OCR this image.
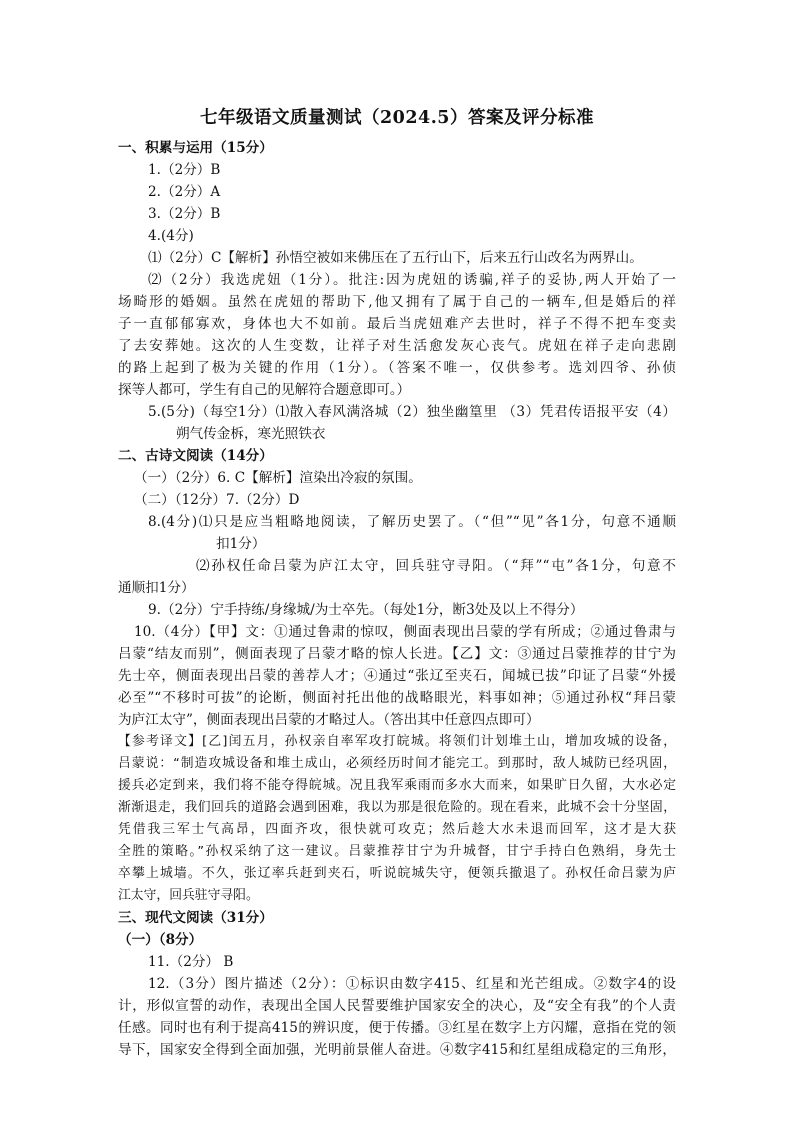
七年级语文质量测试（2024.5）答案及评分标准
一、积累与运用（15分）
1.（2分）B
2.（2分）A
3.（2分）B
4.(4分)
⑴（2分）C【解析】孙悟空被如来佛压在了五行山下，后来五行山改名为两界山。
⑵（2分）我选虎妞（1分）。批注:因为虎妞的诱骗,祥子的妥协,两人开始了一
场畸形的婚姻。虽然在虎妞的帮助下,他又拥有了属于自己的一辆车,但是婚后的祥
子一直郁郁寡欢，身体也大不如前。最后当虎妞难产去世时，祥子不得不把车变卖
了去安葬她。这次的人生变数，让祥子对生活愈发灰心丧气。虎妞在祥子走向悲剧
的路上起到了极为关键的作用（1分）。（答案不唯一，仅供参考。选刘四爷、孙侦
探等人都可，学生有自己的见解符合题意即可。）
5.(5分)（每空1分）⑴散入春风满洛城（2）独坐幽篁里 （3）凭君传语报平安（4）
朔气传金柝，寒光照铁衣
二、古诗文阅读（14分）
（一）（2分）6. C【解析】渲染出冷寂的氛围。
（二）（12分）7.（2分）D
8.(4分)⑴只是应当粗略地阅读，了解历史罢了。（“但”“见”各1分，句意不通顺
扣1分）
⑵孙权任命吕蒙为庐江太守，回兵驻守寻阳。（“拜”“屯”各1分，句意不
通顺扣1分）
9.（2分）宁手持练/身缘城/为士卒先。（每处1分，断3处及以上不得分）
10.（4分）【甲】文：①通过鲁肃的惊叹，侧面表现出吕蒙的学有所成；②通过鲁肃与
吕蒙“结友而别”，侧面表现了吕蒙才略的惊人长进。【乙】文：③通过吕蒙推荐的甘宁为
先士卒，侧面表现出吕蒙的善荐人才；④通过“张辽至夹石，闻城已拔”印证了吕蒙“外援
必至”“不移时可拔”的论断，侧面衬托出他的战略眼光，料事如神；⑤通过孙权“拜吕蒙
为庐江太守”，侧面表现出吕蒙的才略过人。（答出其中任意四点即可）
【参考译文】[乙]闰五月，孙权亲自率军攻打皖城。将领们计划堆土山，增加攻城的设备，
吕蒙说：“制造攻城设备和堆土成山，必须经历时间才能完工。到那时，敌人城防已经巩固，
援兵必定到来，我们将不能夺得皖城。况且我军乘雨而多水大而来，如果旷日久留，大水必定
渐渐退走，我们回兵的道路会遇到困难，我以为那是很危险的。现在看来，此城不会十分坚固，
凭借我三军士气高昂，四面齐攻，很快就可攻克；然后趁大水未退而回军，这才是大获
全胜的策略。”孙权采纳了这一建议。吕蒙推荐甘宁为升城督，甘宁手持白色熟绢，身先士
卒攀上城墙。不久，张辽率兵赶到夹石，听说皖城失守，便领兵撤退了。孙权任命吕蒙为庐
江太守，回兵驻守寻阳。
三、现代文阅读（31分）
（一）（8分）
11.（2分） B
12.（3分）图片描述（2分）：①标识由数字415、红星和光芒组成。②数字4的设
计，形似宣誓的动作，表现出全国人民誓要维护国家安全的决心，及“安全有我”的个人责
任感。同时也有利于提高415的辨识度，便于传播。③红星在数字上方闪耀，意指在党的领
导下，国家安全得到全面加强，光明前景催人奋进。④数字415和红星组成稳定的三角形，
